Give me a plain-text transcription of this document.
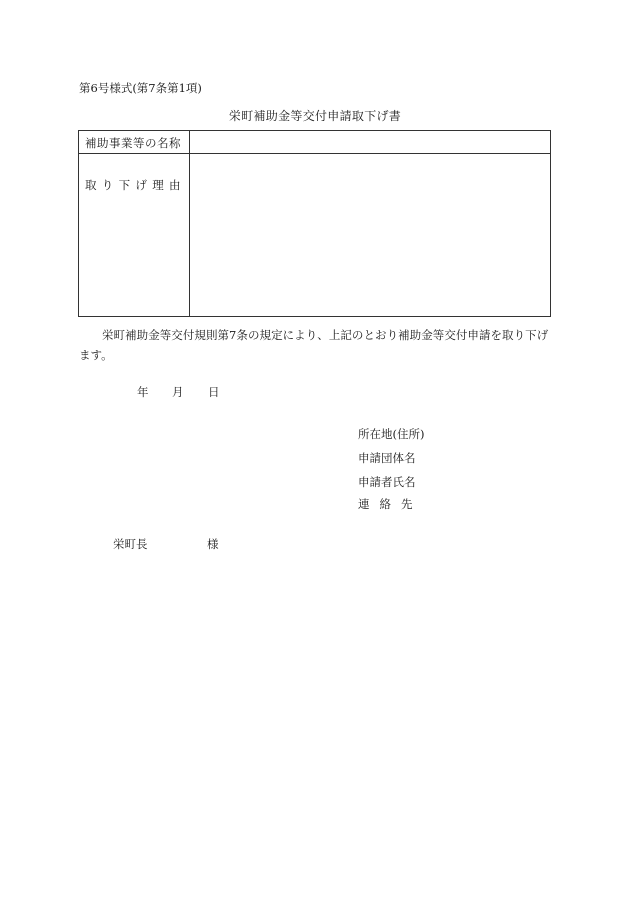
第6号様式(第7条第1項)
栄町補助金等交付申請取下げ書
補助事業等の名称
取り下げ理由
栄町補助金等交付規則第7条の規定により、上記のとおり補助金等交付申請を取り下げます。
年 月 日
所在地(住所)
申請団体名
申請者氏名
連絡先
栄町長	様
